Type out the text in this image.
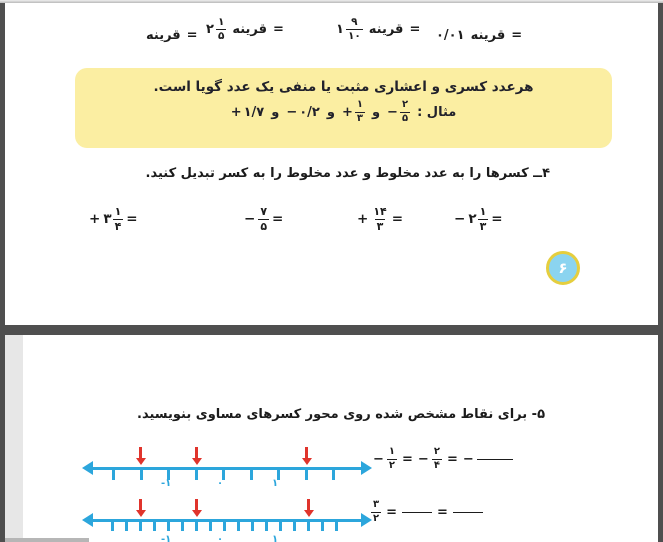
قرینه = ۲ $\frac{۱}{۵}$ قرینه =	۱ $\frac{۹}{۱۰}$ قرینه = ۰/۰۱ قرینه =
هرعدد کسری و اعشاری مثبت یا منفی یک عدد گویا است.
+ ۱/۷ و − ۰/۲ و + $\frac{۱}{۳}$ و − $\frac{۲}{۵}$ مثال :
۴ــ کسرها را به عدد مخلوط و عدد مخلوط را به کسر تبدیل کنید.
+ ۳ $\frac{۱}{۴}$ =	− $\frac{۷}{۵}$ =	+ $\frac{۱۴}{۳}$ =	− ۲ $\frac{۱}{۳}$ =
۶
۵- برای نقاط مشخص شده روی محور کسرهای مساوی بنویسید.
− $\frac{۱}{۲}$ = − $\frac{۲}{۴}$ = −
$\frac{۳}{۲}$ =	=
-۱	۰	۱
-۱	۰	۱
